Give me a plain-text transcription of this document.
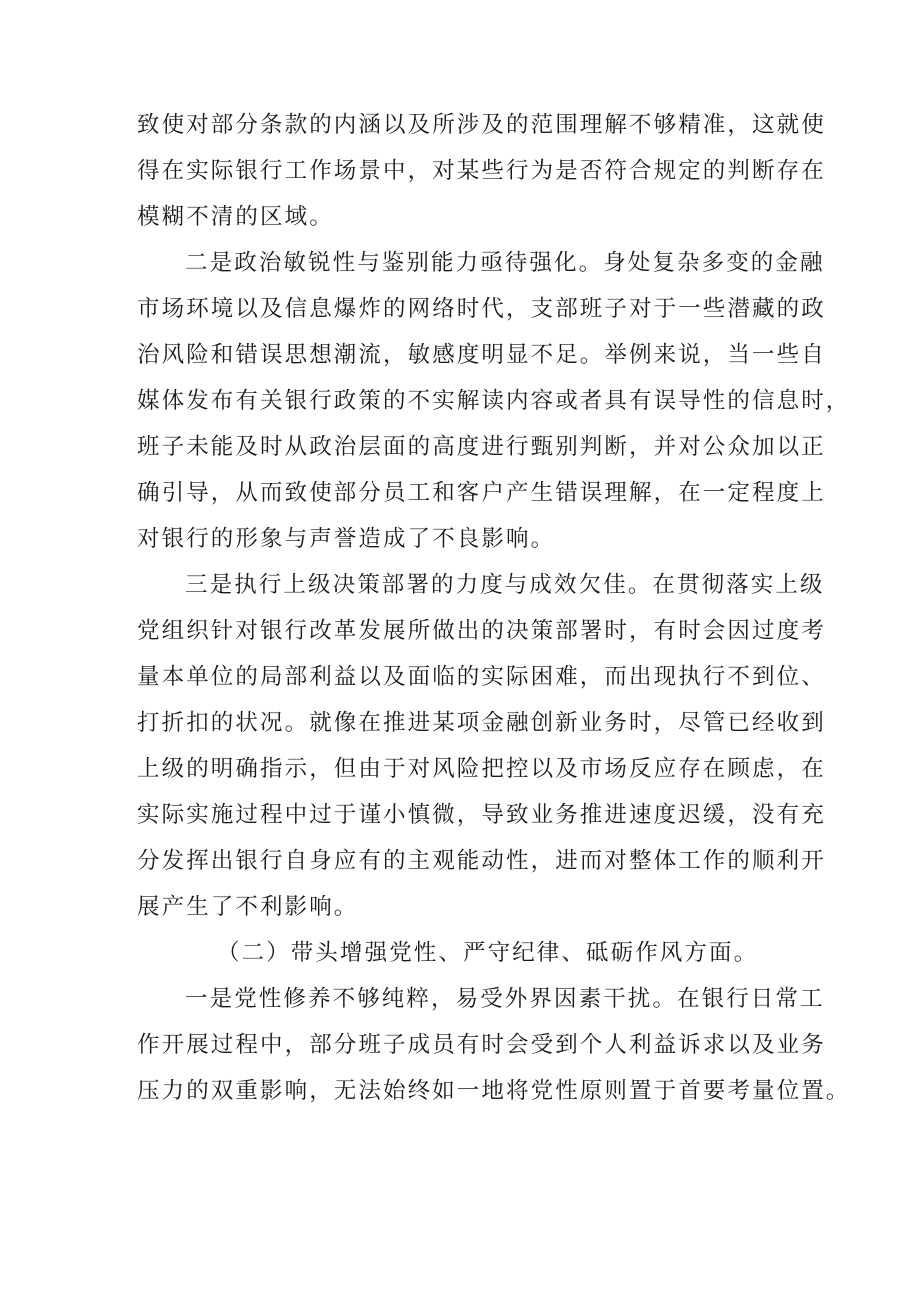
致使对部分条款的内涵以及所涉及的范围理解不够精准，这就使
得在实际银行工作场景中，对某些行为是否符合规定的判断存在
模糊不清的区域。
二是政治敏锐性与鉴别能力亟待强化。身处复杂多变的金融
市场环境以及信息爆炸的网络时代，支部班子对于一些潜藏的政
治风险和错误思想潮流，敏感度明显不足。举例来说，当一些自
媒体发布有关银行政策的不实解读内容或者具有误导性的信息时，
班子未能及时从政治层面的高度进行甄别判断，并对公众加以正
确引导，从而致使部分员工和客户产生错误理解，在一定程度上
对银行的形象与声誉造成了不良影响。
三是执行上级决策部署的力度与成效欠佳。在贯彻落实上级
党组织针对银行改革发展所做出的决策部署时，有时会因过度考
量本单位的局部利益以及面临的实际困难，而出现执行不到位、
打折扣的状况。就像在推进某项金融创新业务时，尽管已经收到
上级的明确指示，但由于对风险把控以及市场反应存在顾虑，在
实际实施过程中过于谨小慎微，导致业务推进速度迟缓，没有充
分发挥出银行自身应有的主观能动性，进而对整体工作的顺利开
展产生了不利影响。
（二）带头增强党性、严守纪律、砥砺作风方面。
一是党性修养不够纯粹，易受外界因素干扰。在银行日常工
作开展过程中，部分班子成员有时会受到个人利益诉求以及业务
压力的双重影响，无法始终如一地将党性原则置于首要考量位置。
